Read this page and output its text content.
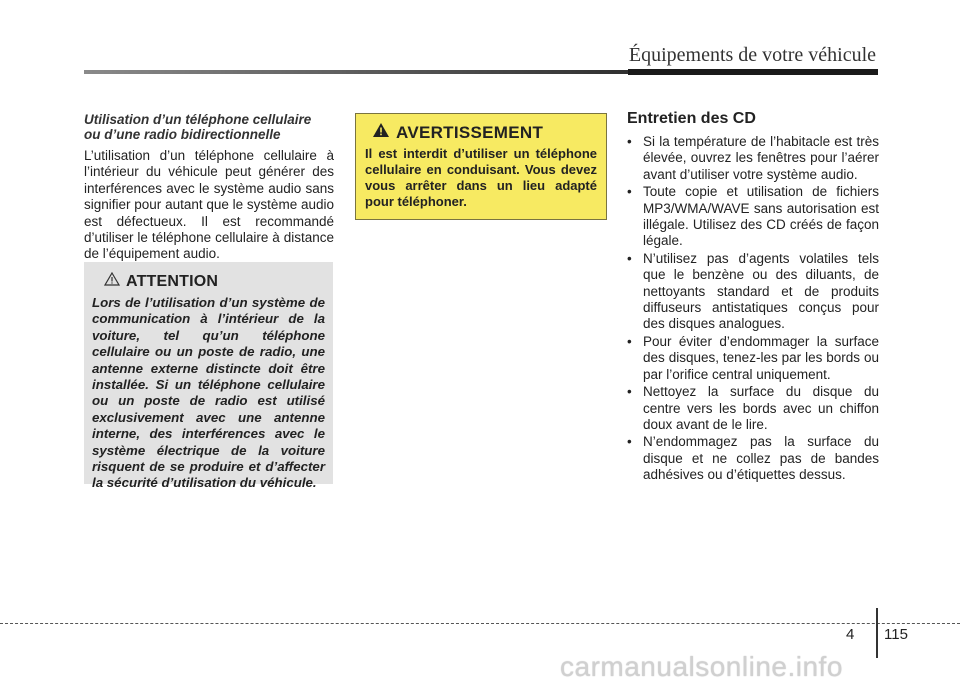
Équipements de votre véhicule
Utilisation d’un téléphone cellulaire
ou d’une radio bidirectionnelle

L’utilisation d’un téléphone cellulaire à l’intérieur du véhicule peut générer des interférences avec le système audio sans signifier pour autant que le système audio est défectueux. Il est recommandé d’utiliser le téléphone cellulaire à distance de l’équipement audio.

ATTENTION

Lors de l’utilisation d’un système de communication à l’intérieur de la voiture, tel qu’un téléphone cellulaire ou un poste de radio, une antenne externe distincte doit être installée. Si un téléphone cellulaire ou un poste de radio est utilisé exclusivement avec une antenne interne, des interférences avec le système électrique de la voiture risquent de se produire et d’affecter la sécurité d’utilisation du véhicule.

AVERTISSEMENT

Il est interdit d’utiliser un téléphone cellulaire en conduisant. Vous devez vous arrêter dans un lieu adapté pour téléphoner.

Entretien des CD
• Si la température de l’habitacle est très élevée, ouvrez les fenêtres pour l’aérer avant d’utiliser votre système audio.
• Toute copie et utilisation de fichiers MP3/WMA/WAVE sans autorisation est illégale. Utilisez des CD créés de façon légale.
• N’utilisez pas d’agents volatiles tels que le benzène ou des diluants, de nettoyants standard et de produits diffuseurs antistatiques conçus pour des disques analogues.
• Pour éviter d’endommager la surface des disques, tenez-les par les bords ou par l’orifice central uniquement.
• Nettoyez la surface du disque du centre vers les bords avec un chiffon doux avant de le lire.
• N’endommagez pas la surface du disque et ne collez pas de bandes adhésives ou d’étiquettes dessus.
4 115
carmanualsonline.info
